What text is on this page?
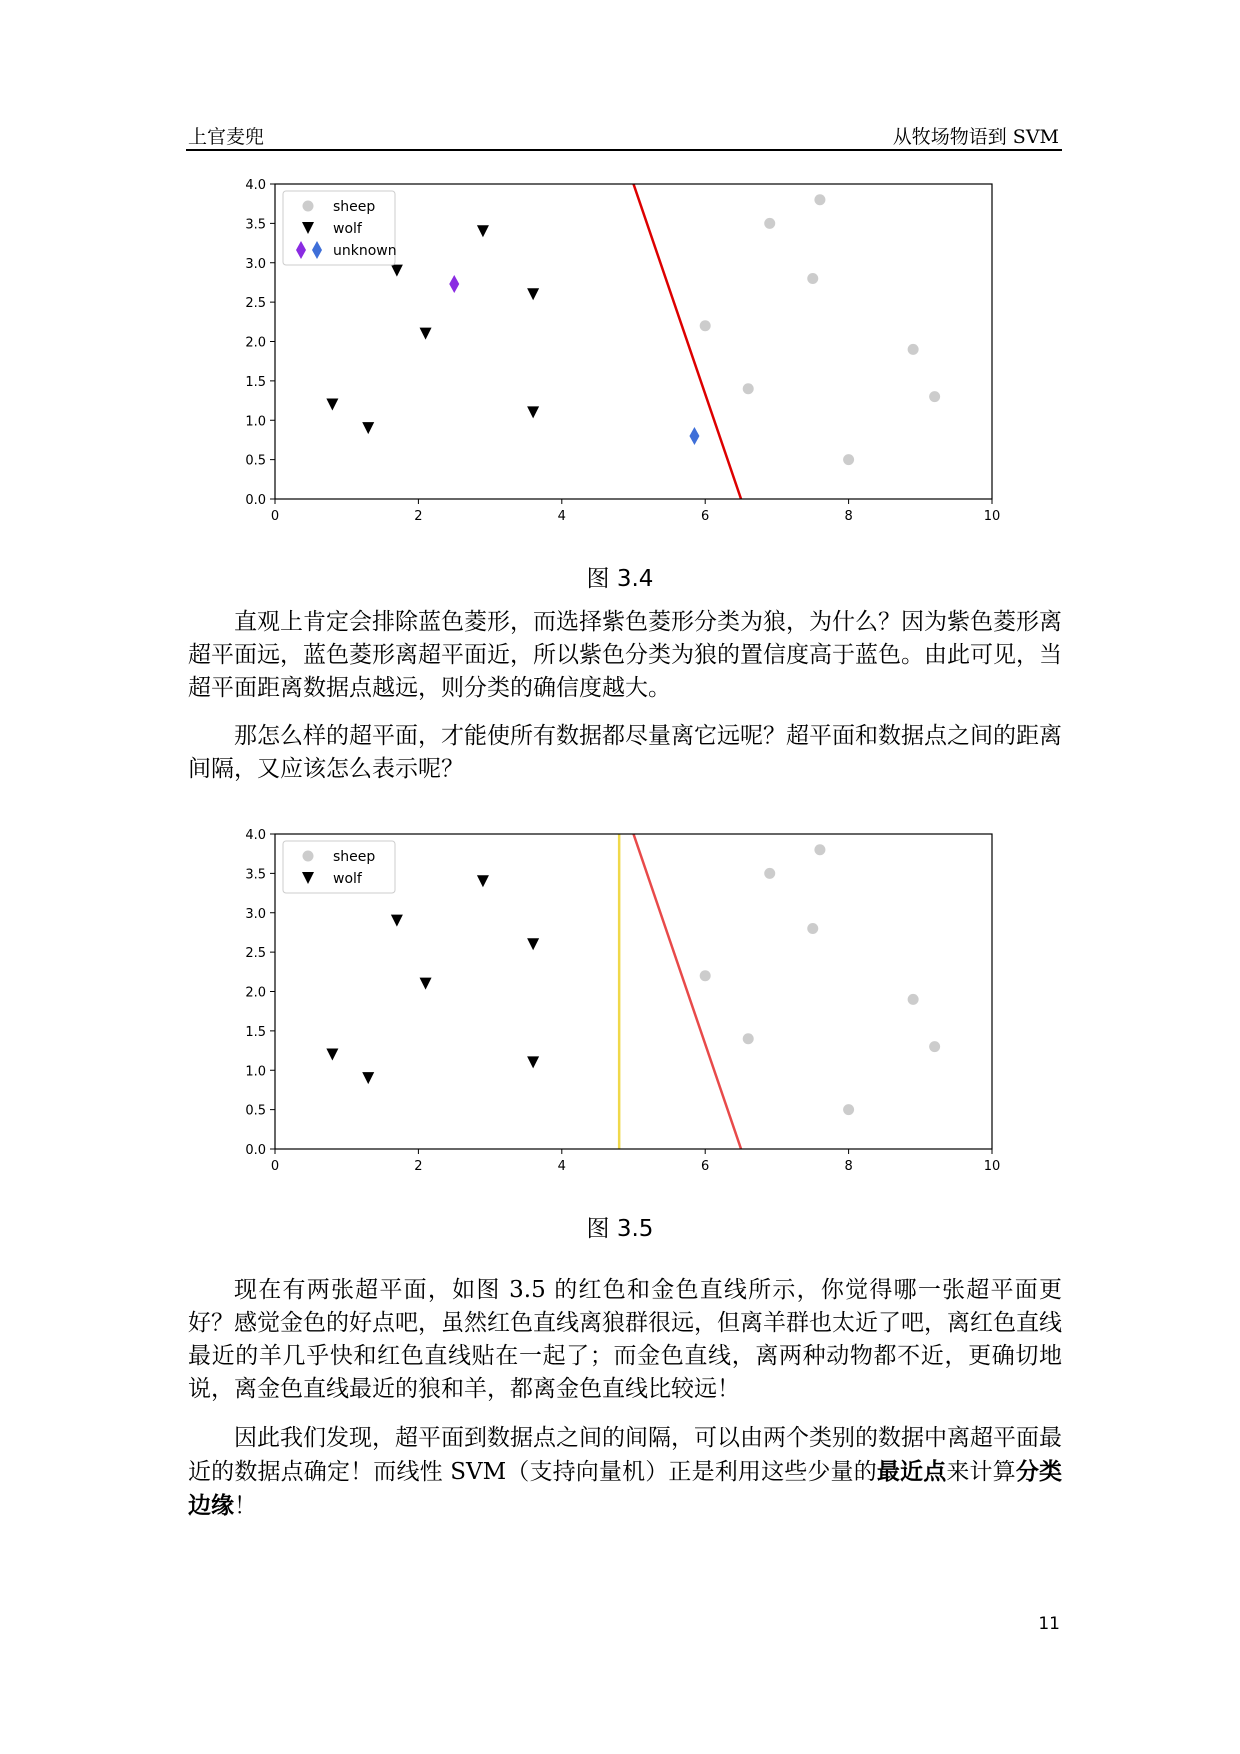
上官麦兜	从牧场物语到 SVM
0	2	4	6	8	10
0.0
0.5
1.0
1.5
2.0
2.5
3.0
3.5
4.0
sheep
wolf
unknown
图 3.4

直观上肯定会排除蓝色菱形，而选择紫色菱形分类为狼，为什么？因为紫色菱形离超平面远，蓝色菱形离超平面近，所以紫色分类为狼的置信度高于蓝色。由此可见，当超平面距离数据点越远，则分类的确信度越大。

那怎么样的超平面，才能使所有数据都尽量离它远呢？超平面和数据点之间的距离间隔，又应该怎么表示呢？

0	2	4	6	8	10
0.0
0.5
1.0
1.5
2.0
2.5
3.0
3.5
4.0
sheep
wolf
图 3.5

现在有两张超平面，如图 3.5 的红色和金色直线所示，你觉得哪一张超平面更好？感觉金色的好点吧，虽然红色直线离狼群很远，但离羊群也太近了吧，离红色直线最近的羊几乎快和红色直线贴在一起了；而金色直线，离两种动物都不近，更确切地说，离金色直线最近的狼和羊，都离金色直线比较远！

因此我们发现，超平面到数据点之间的间隔，可以由两个类别的数据中离超平面最近的数据点确定！而线性 SVM（支持向量机）正是利用这些少量的最近点来计算分类边缘！

11
